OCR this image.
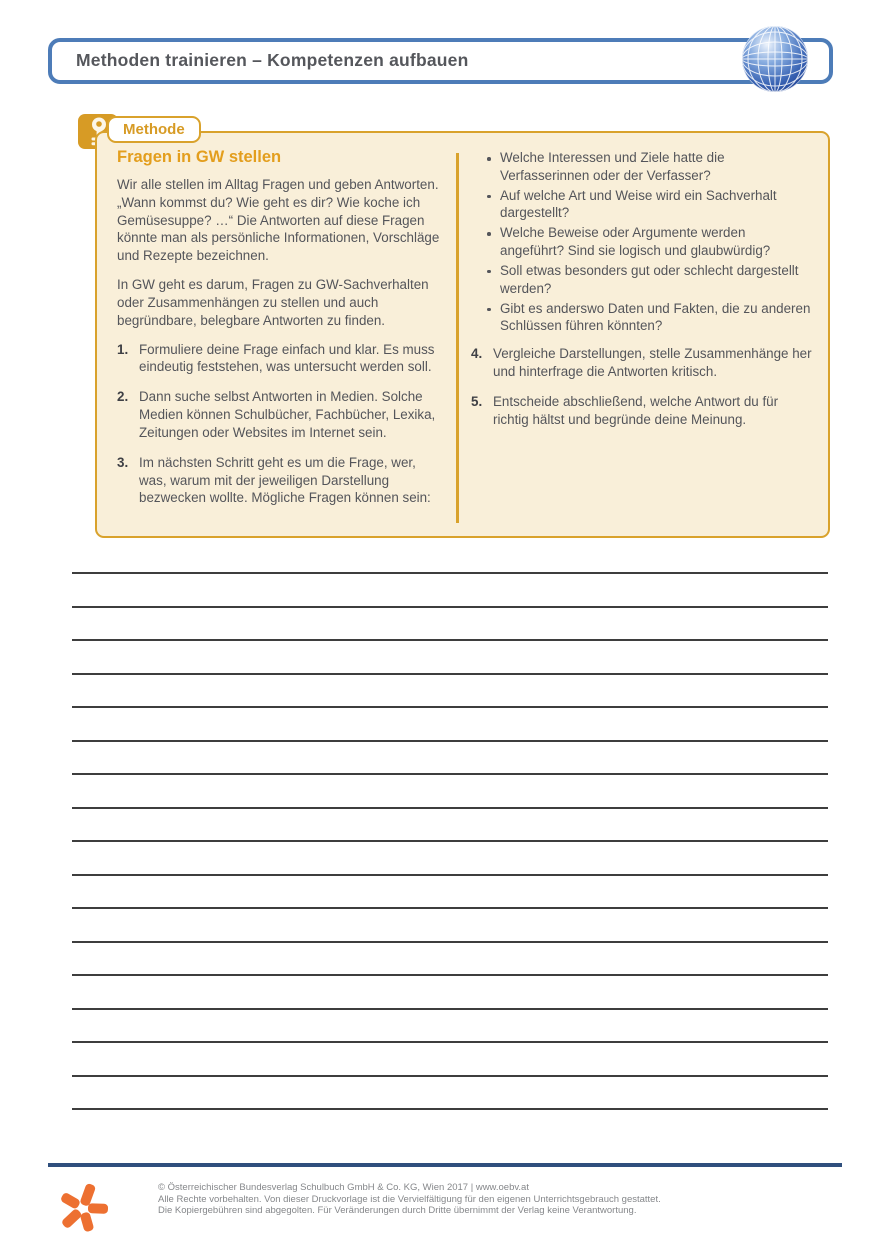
Methoden trainieren – Kompetenzen aufbauen
Methode
Fragen in GW stellen

Wir alle stellen im Alltag Fragen und geben Antworten.„Wann kommst du? Wie geht es dir? Wie koche ich Gemüsesuppe? …“ Die Antworten auf diese Fragen könnte man als persönliche Informationen, Vorschläge und Rezepte bezeichnen.

In GW geht es darum, Fragen zu GW-Sachverhalten oder Zusammenhängen zu stellen und auch begründbare, belegbare Antworten zu finden.

1. Formuliere deine Frage einfach und klar. Es muss eindeutig feststehen, was untersucht werden soll.
2. Dann suche selbst Antworten in Medien. Solche Medien können Schulbücher, Fachbücher, Lexika, Zeitungen oder Websites im Internet sein.
3. Im nächsten Schritt geht es um die Frage, wer, was, warum mit der jeweiligen Darstellung bezwecken wollte. Mögliche Fragen können sein:
Welche Interessen und Ziele hatte die Verfasserinnen oder der Verfasser?
Auf welche Art und Weise wird ein Sachverhalt dargestellt?
Welche Beweise oder Argumente werden angeführt? Sind sie logisch und glaubwürdig?
Soll etwas besonders gut oder schlecht dargestellt werden?
Gibt es anderswo Daten und Fakten, die zu anderen Schlüssen führen könnten?
4. Vergleiche Darstellungen, stelle Zusammenhänge her und hinterfrage die Antworten kritisch.
5. Entscheide abschließend, welche Antwort du für richtig hältst und begründe deine Meinung.
© Österreichischer Bundesverlag Schulbuch GmbH & Co. KG, Wien 2017 | www.oebv.at
Alle Rechte vorbehalten. Von dieser Druckvorlage ist die Vervielfältigung für den eigenen Unterrichtsgebrauch gestattet.
Die Kopiergebühren sind abgegolten. Für Veränderungen durch Dritte übernimmt der Verlag keine Verantwortung.
